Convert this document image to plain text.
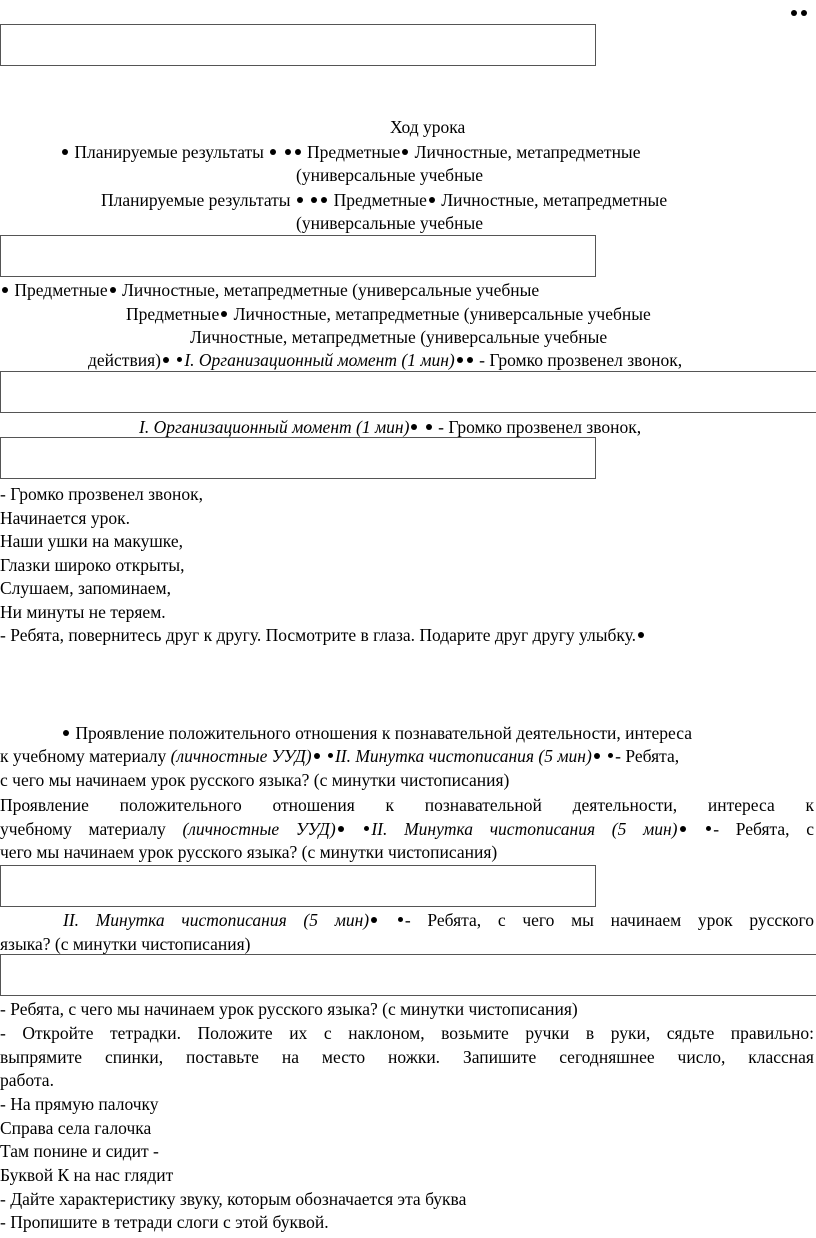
Ход урока
Планируемые результаты Предметные Личностные, метапредметные
(универсальные учебные
Планируемые результаты Предметные Личностные, метапредметные
(универсальные учебные
Предметные Личностные, метапредметные (универсальные учебные
Предметные Личностные, метапредметные (универсальные учебные
Личностные, метапредметные (универсальные учебные
действия) I. Организационный момент (1 мин) - Громко прозвенел звонок,
I. Организационный момент (1 мин) - Громко прозвенел звонок,
- Громко прозвенел звонок,
Начинается урок.
Наши ушки на макушке,
Глазки широко открыты,
Слушаем, запоминаем,
Ни минуты не теряем.
- Ребята, повернитесь друг к другу. Посмотрите в глаза. Подарите друг другу улыбку.
Проявление положительного отношения к познавательной деятельности, интереса
к учебному материалу (личностные УУД) II. Минутка чистописания (5 мин) - Ребята,
с чего мы начинаем урок русского языка? (с минутки чистописания)
Проявление положительного отношения к познавательной деятельности, интереса к
учебному материалу (личностные УУД) II. Минутка чистописания (5 мин) - Ребята, с
чего мы начинаем урок русского языка? (с минутки чистописания)
II. Минутка чистописания (5 мин) - Ребята, с чего мы начинаем урок русского
языка? (с минутки чистописания)
- Ребята, с чего мы начинаем урок русского языка? (с минутки чистописания)
- Откройте тетрадки. Положите их с наклоном, возьмите ручки в руки, сядьте правильно:
выпрямите спинки, поставьте на место ножки. Запишите сегодняшнее число, классная
работа.
- На прямую палочку
Справа села галочка
Там понине и сидит -
Буквой К на нас глядит
- Дайте характеристику звуку, которым обозначается эта буква
- Пропишите в тетради слоги с этой буквой.
